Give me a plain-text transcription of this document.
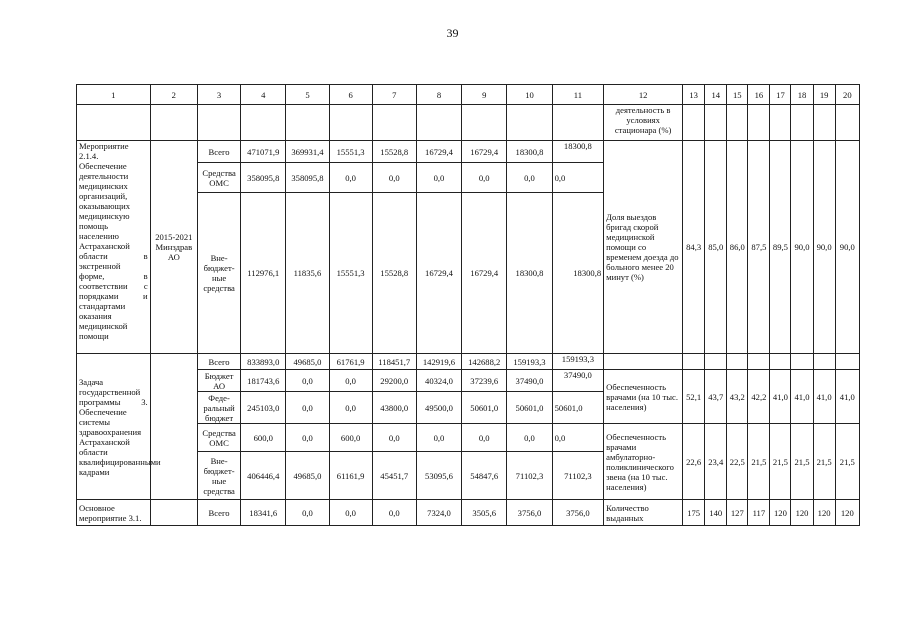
39
1	2	3	4	5	6	7	8	9	10	11	12	13	14	15	16	17	18	19	20
											деятельность в условиях стационара (%)								
Мероприятие 2.1.4. Обеспечение деятельности медицинских организаций, оказывающих медицинскую помощь населению Астраханской области в экстренной форме, в соответствии с порядками и стандартами оказания медицинской помощи	2015-2021 Минздрав АО	Всего	471071,9	369931,4	15551,3	15528,8	16729,4	16729,4	18300,8	18300,8	Доля выездов бригад скорой медицинской помощи со временем доезда до больного менее 20 минут (%)	84,3	85,0	86,0	87,5	89,5	90,0	90,0	90,0
		Средства ОМС	358095,8	358095,8	0,0	0,0	0,0	0,0	0,0	0,0									
		Вне-бюджет-ные средства	112976,1	11835,6	15551,3	15528,8	16729,4	16729,4	18300,8	18300,8									
Задача государственной программы 3. Обеспечение системы здравоохранения Астраханской области квалифицированными кадрами		Всего	833893,0	49685,0	61761,9	118451,7	142919,6	142688,2	159193,3	159193,3									
		Бюджет АО	181743,6	0,0	0,0	29200,0	40324,0	37239,6	37490,0	37490,0	Обеспеченность врачами (на 10 тыс. населения)	52,1	43,7	43,2	42,2	41,0	41,0	41,0	41,0
		Феде-ральный бюджет	245103,0	0,0	0,0	43800,0	49500,0	50601,0	50601,0	50601,0									
		Средства ОМС	600,0	0,0	600,0	0,0	0,0	0,0	0,0	0,0	Обеспеченность врачами амбулаторно-поликлинического звена (на 10 тыс. населения)	22,6	23,4	22,5	21,5	21,5	21,5	21,5	21,5
		Вне-бюджет-ные средства	406446,4	49685,0	61161,9	45451,7	53095,6	54847,6	71102,3	71102,3									
Основное мероприятие 3.1.		Всего	18341,6	0,0	0,0	0,0	7324,0	3505,6	3756,0	3756,0	Количество выданных	175	140	127	117	120	120	120	120
